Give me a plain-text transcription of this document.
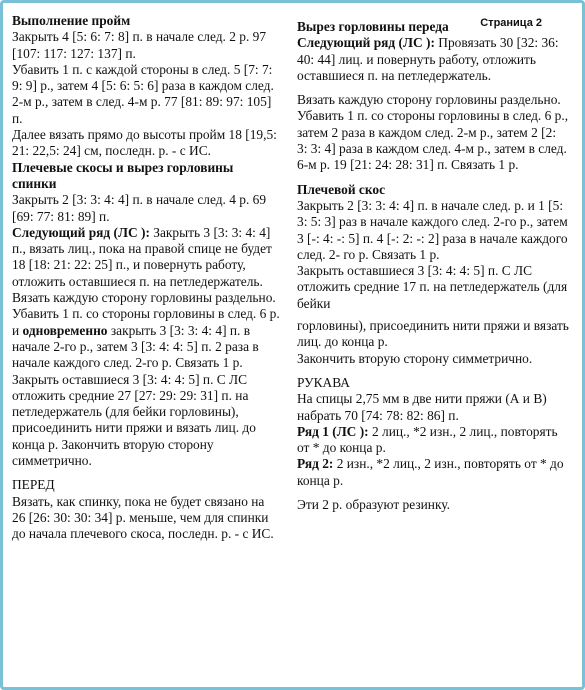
Страница 2

Выполнение пройм

Закрыть 4 [5: 6: 7: 8] п. в начале след. 2 р. 97 [107: 117: 127: 137] п.

Убавить 1 п. с каждой стороны в след. 5 [7: 7: 9: 9] р., затем 4 [5: 6: 5: 6] раза в каждом след. 2-м р., затем в след. 4-м р. 77 [81: 89: 97: 105] п.

Далее вязать прямо до высоты пройм 18 [19,5: 21: 22,5: 24] см, последн. р. - с ИС.

Плечевые скосы и вырез горловины спинки

Закрыть 2 [3: 3: 4: 4] п. в начале след. 4 р. 69 [69: 77: 81: 89] п.

Следующий ряд (ЛС ): Закрыть 3 [3: 3: 4: 4] п., вязать лиц., пока на правой спице не будет 18 [18: 21: 22: 25] п., и повернуть работу, отложить оставшиеся п. на петледержатель.

Вязать каждую сторону горловины раздельно. Убавить 1 п. со стороны горловины в след. 6 р. и одновременно закрыть 3 [3: 3: 4: 4] п. в начале 2-го р., затем 3 [3: 4: 4: 5] п. 2 раза в начале каждого след. 2-го р. Связать 1 р. Закрыть оставшиеся 3 [3: 4: 4: 5] п. С ЛС отложить средние 27 [27: 29: 29: 31] п. на петледержатель (для бейки горловины), присоединить нити пряжи и вязать лиц. до конца р. Закончить вторую сторону симметрично.

ПЕРЕД

Вязать, как спинку, пока не будет связано на 26 [26: 30: 30: 34] р. меньше, чем для спинки до начала плечевого скоса, последн. р. - с ИС.

Вырез горловины переда

Следующий ряд (ЛС ): Провязать 30 [32: 36: 40: 44] лиц. и повернуть работу, отложить оставшиеся п. на петледержатель.

Вязать каждую сторону горловины раздельно. Убавить 1 п. со стороны горловины в след. 6 р., затем 2 раза в каждом след. 2-м р., затем 2 [2: 3: 3: 4] раза в каждом след. 4-м р., затем в след. 6-м р. 19 [21: 24: 28: 31] п. Связать 1 р.

Плечевой скос

Закрыть 2 [3: 3: 4: 4] п. в начале след. р. и 1 [5: 3: 5: 3] раз в начале каждого след. 2-го р., затем 3 [-: 4: -: 5] п. 4 [-: 2: -: 2] раза в начале каждого след. 2- го р. Связать 1 р.

Закрыть оставшиеся 3 [3: 4: 4: 5] п. С ЛС отложить средние 17 п. на петледержатель (для бейки

горловины), присоединить нити пряжи и вязать лиц. до конца р.

Закончить вторую сторону симметрично.

РУКАВА

На спицы 2,75 мм в две нити пряжи (А и В) набрать 70 [74: 78: 82: 86] п.

Ряд 1 (ЛС ): 2 лиц., *2 изн., 2 лиц., повторять от * до конца р.

Ряд 2: 2 изн., *2 лиц., 2 изн., повторять от * до конца р.

Эти 2 р. образуют резинку.
